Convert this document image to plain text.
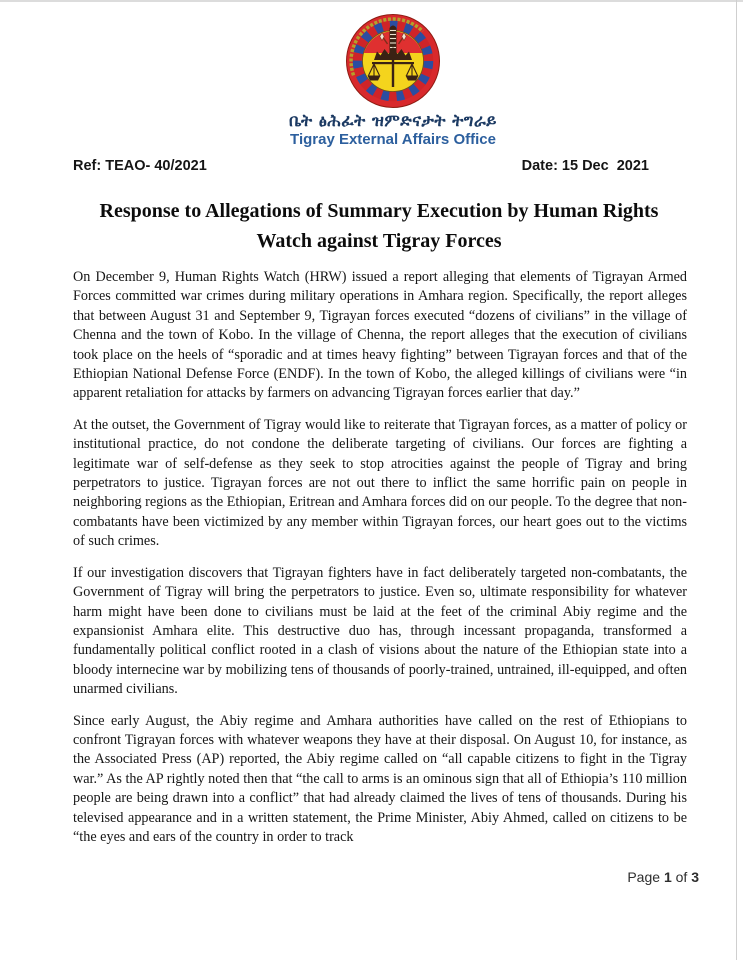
ቤት ፅሕፈት ዝምድናታት ትግራይ
Tigray External Affairs Office
Ref: TEAO- 40/2021	Date: 15 Dec  2021
Response to Allegations of Summary Execution by Human Rights
Watch against Tigray Forces

On December 9, Human Rights Watch (HRW) issued a report alleging that elements of Tigrayan Armed Forces committed war crimes during military operations in Amhara region. Specifically, the report alleges that between August 31 and September 9, Tigrayan forces executed “dozens of civilians” in the village of Chenna and the town of Kobo. In the village of Chenna, the report alleges that the execution of civilians took place on the heels of “sporadic and at times heavy fighting” between Tigrayan forces and that of the Ethiopian National Defense Force (ENDF). In the town of Kobo, the alleged killings of civilians were “in apparent retaliation for attacks by farmers on advancing Tigrayan forces earlier that day.”

At the outset, the Government of Tigray would like to reiterate that Tigrayan forces, as a matter of policy or institutional practice, do not condone the deliberate targeting of civilians. Our forces are fighting a legitimate war of self-defense as they seek to stop atrocities against the people of Tigray and bring perpetrators to justice. Tigrayan forces are not out there to inflict the same horrific pain on people in neighboring regions as the Ethiopian, Eritrean and Amhara forces did on our people. To the degree that non-combatants have been victimized by any member within Tigrayan forces, our heart goes out to the victims of such crimes.

If our investigation discovers that Tigrayan fighters have in fact deliberately targeted non-combatants, the Government of Tigray will bring the perpetrators to justice. Even so, ultimate responsibility for whatever harm might have been done to civilians must be laid at the feet of the criminal Abiy regime and the expansionist Amhara elite. This destructive duo has, through incessant propaganda, transformed a fundamentally political conflict rooted in a clash of visions about the nature of the Ethiopian state into a bloody internecine war by mobilizing tens of thousands of poorly-trained, untrained, ill-equipped, and often unarmed civilians.

Since early August, the Abiy regime and Amhara authorities have called on the rest of Ethiopians to confront Tigrayan forces with whatever weapons they have at their disposal. On August 10, for instance, as the Associated Press (AP) reported, the Abiy regime called on “all capable citizens to fight in the Tigray war.” As the AP rightly noted then that “the call to arms is an ominous sign that all of Ethiopia’s 110 million people are being drawn into a conflict” that had already claimed the lives of tens of thousands. During his televised appearance and in a written statement, the Prime Minister, Abiy Ahmed, called on citizens to be “the eyes and ears of the country in order to track

Page 1 of 3
